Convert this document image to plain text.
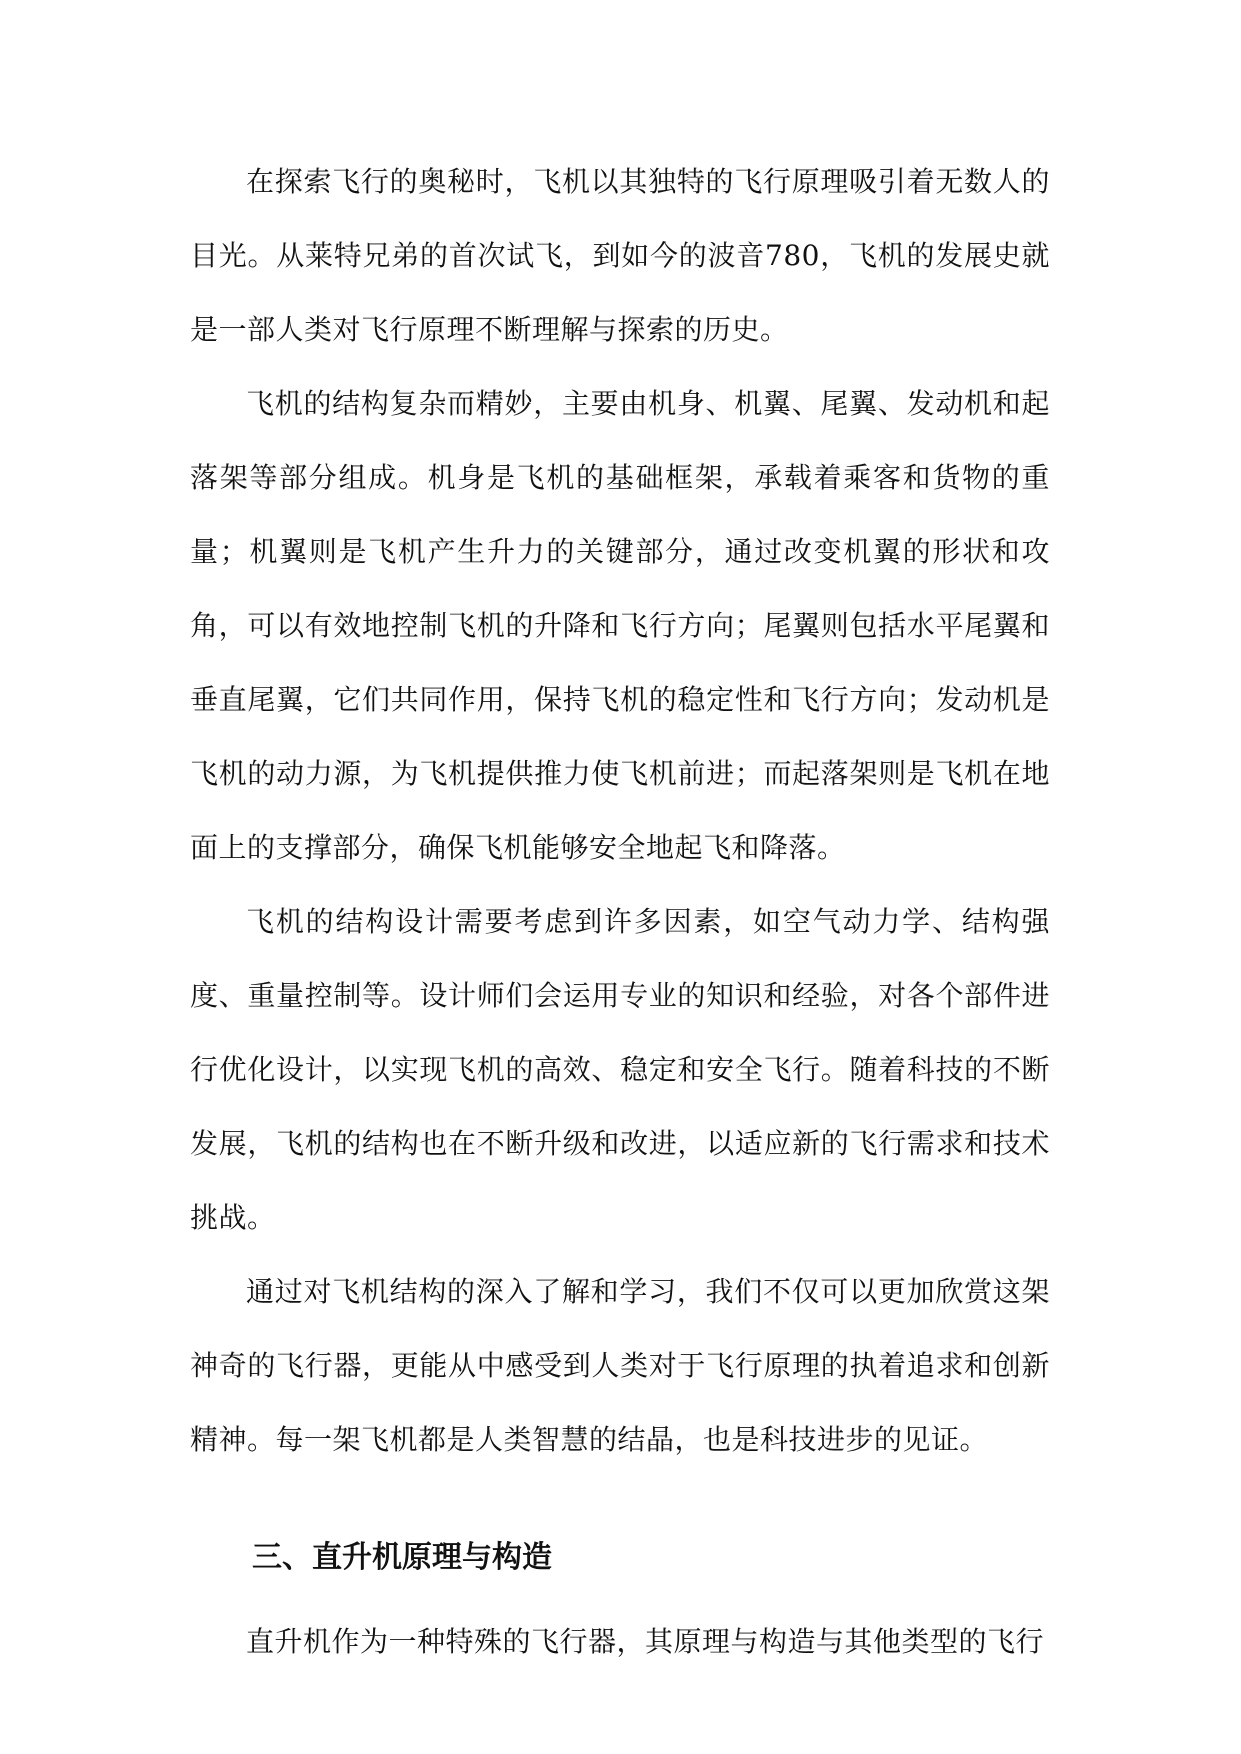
在探索飞行的奥秘时，飞机以其独特的飞行原理吸引着无数人的目光。从莱特兄弟的首次试飞，到如今的波音780，飞机的发展史就是一部人类对飞行原理不断理解与探索的历史。

飞机的结构复杂而精妙，主要由机身、机翼、尾翼、发动机和起落架等部分组成。机身是飞机的基础框架，承载着乘客和货物的重量；机翼则是飞机产生升力的关键部分，通过改变机翼的形状和攻角，可以有效地控制飞机的升降和飞行方向；尾翼则包括水平尾翼和垂直尾翼，它们共同作用，保持飞机的稳定性和飞行方向；发动机是飞机的动力源，为飞机提供推力使飞机前进；而起落架则是飞机在地面上的支撑部分，确保飞机能够安全地起飞和降落。

飞机的结构设计需要考虑到许多因素，如空气动力学、结构强度、重量控制等。设计师们会运用专业的知识和经验，对各个部件进行优化设计，以实现飞机的高效、稳定和安全飞行。随着科技的不断发展，飞机的结构也在不断升级和改进，以适应新的飞行需求和技术挑战。

通过对飞机结构的深入了解和学习，我们不仅可以更加欣赏这架神奇的飞行器，更能从中感受到人类对于飞行原理的执着追求和创新精神。每一架飞机都是人类智慧的结晶，也是科技进步的见证。

三、直升机原理与构造

直升机作为一种特殊的飞行器，其原理与构造与其他类型的飞行
